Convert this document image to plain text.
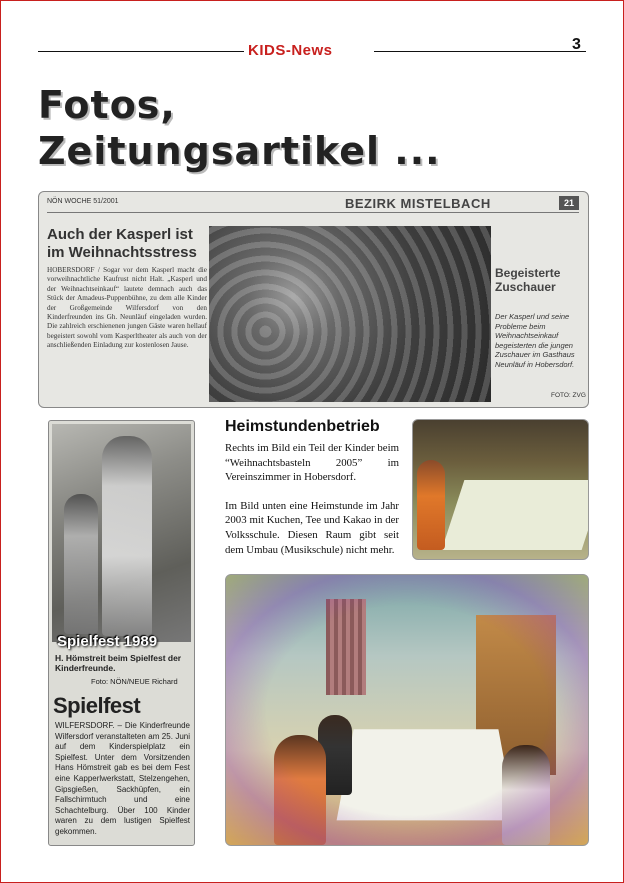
KIDS-News	3
Fotos,
Zeitungsartikel ...
NÖN WOCHE 51/2001	BEZIRK MISTELBACH	21
Auch der Kasperl ist im Weihnachtsstress
HOBERSDORF / Sogar vor dem Kasperl macht die vorweihnachtliche Kaufrust nicht Halt. „Kasperl und der Weihnachtseinkauf“ lautete demnach auch das Stück der Amadeus-Puppenbühne, zu dem alle Kinder der Großgemeinde Wilfersdorf von den Kinderfreunden ins Gh. Neunläuf eingeladen wurden. Die zahlreich erschienenen jungen Gäste waren hellauf begeistert sowohl vom Kasperltheater als auch von der anschließenden Einladung zur kostenlosen Jause.
Begeisterte Zuschauer
Der Kasperl und seine Probleme beim Weihnachtseinkauf begeisterten die jungen Zuschauer im Gasthaus Neunläuf in Hobersdorf.
FOTO: ZVG
Spielfest 1989
H. Hömstreit beim Spielfest der Kinderfreunde.
Foto: NÖN/NEUE Richard
Spielfest
WILFERSDORF. – Die Kinderfreunde Wilfersdorf veranstalteten am 25. Juni auf dem Kinderspielplatz ein Spielfest. Unter dem Vorsitzenden Hans Hömstreit gab es bei dem Fest eine Kapperlwerkstatt, Stelzengehen, Gipsgießen, Sackhüpfen, ein Fallschirmtuch und eine Schachtelburg. Über 100 Kinder waren zu dem lustigen Spielfest gekommen.
Heimstundenbetrieb

Rechts im Bild ein Teil der Kinder beim “Weihnachtsbasteln 2005” im Vereinszimmer in Hobersdorf.

Im Bild unten eine Heimstunde im Jahr 2003 mit Kuchen, Tee und Kakao in der Volksschule. Diesen Raum gibt seit dem Umbau (Musikschule) nicht mehr.
